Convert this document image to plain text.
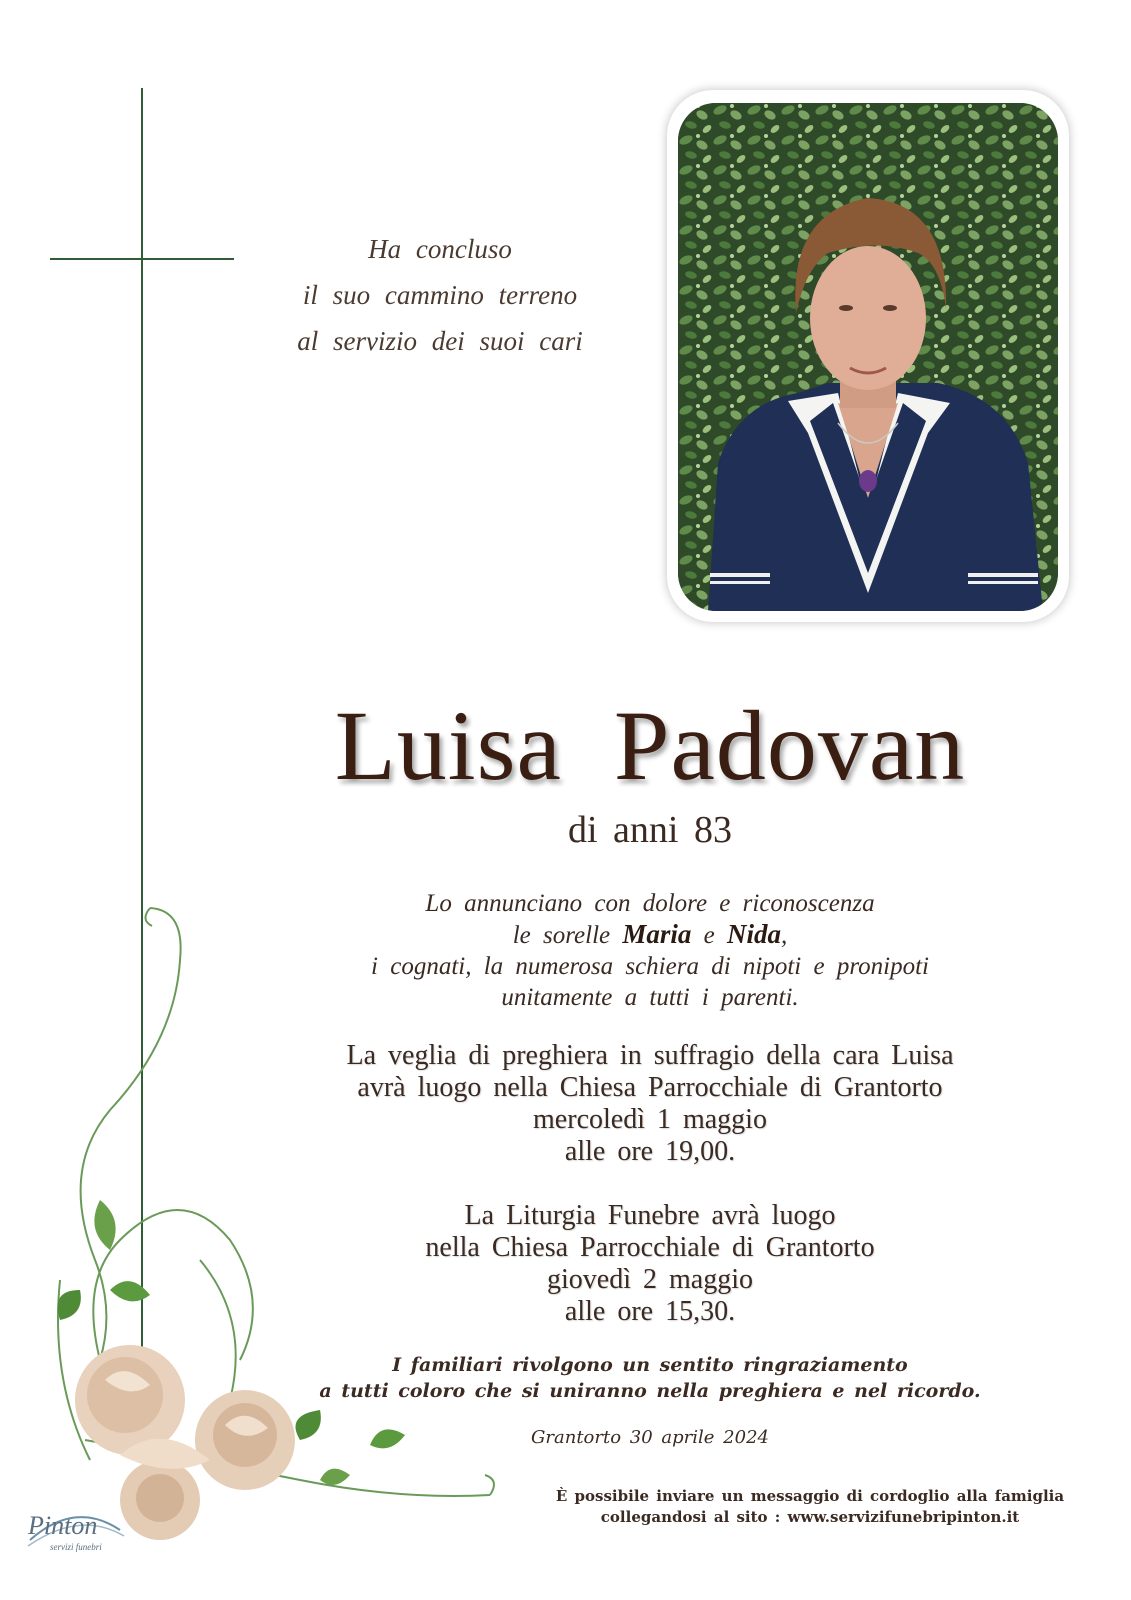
Ha concluso
il suo cammino terreno
al servizio dei suoi cari
Luisa Padovan
di anni 83
Lo annunciano con dolore e riconoscenza
le sorelle Maria e Nida,
i cognati, la numerosa schiera di nipoti e pronipoti
unitamente a tutti i parenti.
La veglia di preghiera in suffragio della cara Luisa
avrà luogo nella Chiesa Parrocchiale di Grantorto
mercoledì 1 maggio
alle ore 19,00.
La Liturgia Funebre avrà luogo
nella Chiesa Parrocchiale di Grantorto
giovedì 2 maggio
alle ore 15,30.
I familiari rivolgono un sentito ringraziamento
a tutti coloro che si uniranno nella preghiera e nel ricordo.
Grantorto 30 aprile 2024
È possibile inviare un messaggio di cordoglio alla famiglia
collegandosi al sito : www.servizifunebripinton.it
Pinton
servizi funebri
